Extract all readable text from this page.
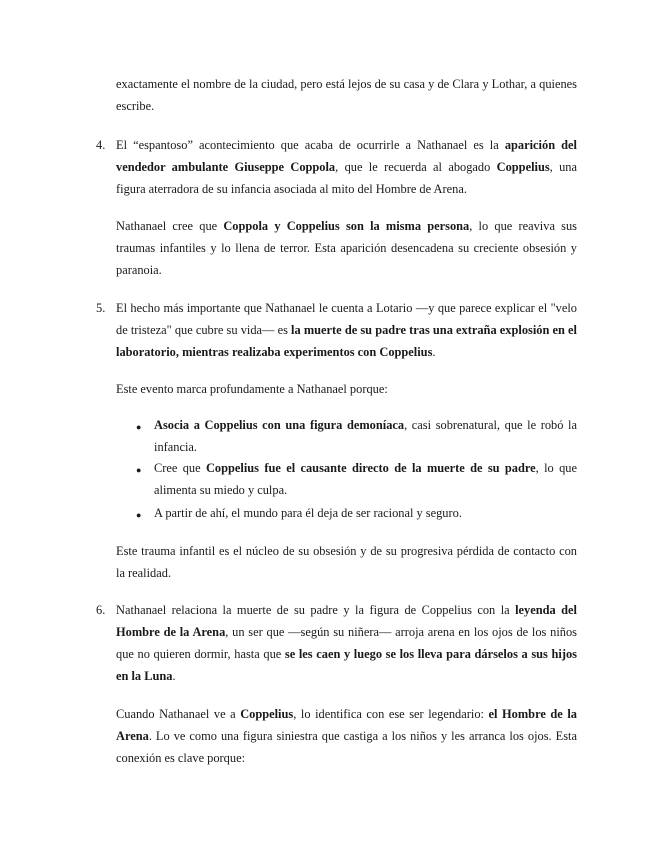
exactamente el nombre de la ciudad, pero está lejos de su casa y de Clara y Lothar, a quienes escribe.

4. El “espantoso” acontecimiento que acaba de ocurrirle a Nathanael es la aparición del vendedor ambulante Giuseppe Coppola, que le recuerda al abogado Coppelius, una figura aterradora de su infancia asociada al mito del Hombre de Arena.

Nathanael cree que Coppola y Coppelius son la misma persona, lo que reaviva sus traumas infantiles y lo llena de terror. Esta aparición desencadena su creciente obsesión y paranoia.

5. El hecho más importante que Nathanael le cuenta a Lotario —y que parece explicar el "velo de tristeza" que cubre su vida— es la muerte de su padre tras una extraña explosión en el laboratorio, mientras realizaba experimentos con Coppelius.

Este evento marca profundamente a Nathanael porque:

● Asocia a Coppelius con una figura demoníaca, casi sobrenatural, que le robó la infancia.

● Cree que Coppelius fue el causante directo de la muerte de su padre, lo que alimenta su miedo y culpa.

● A partir de ahí, el mundo para él deja de ser racional y seguro.

Este trauma infantil es el núcleo de su obsesión y de su progresiva pérdida de contacto con la realidad.

6. Nathanael relaciona la muerte de su padre y la figura de Coppelius con la leyenda del Hombre de la Arena, un ser que —según su niñera— arroja arena en los ojos de los niños que no quieren dormir, hasta que se les caen y luego se los lleva para dárselos a sus hijos en la Luna.

Cuando Nathanael ve a Coppelius, lo identifica con ese ser legendario: el Hombre de la Arena. Lo ve como una figura siniestra que castiga a los niños y les arranca los ojos. Esta conexión es clave porque:
